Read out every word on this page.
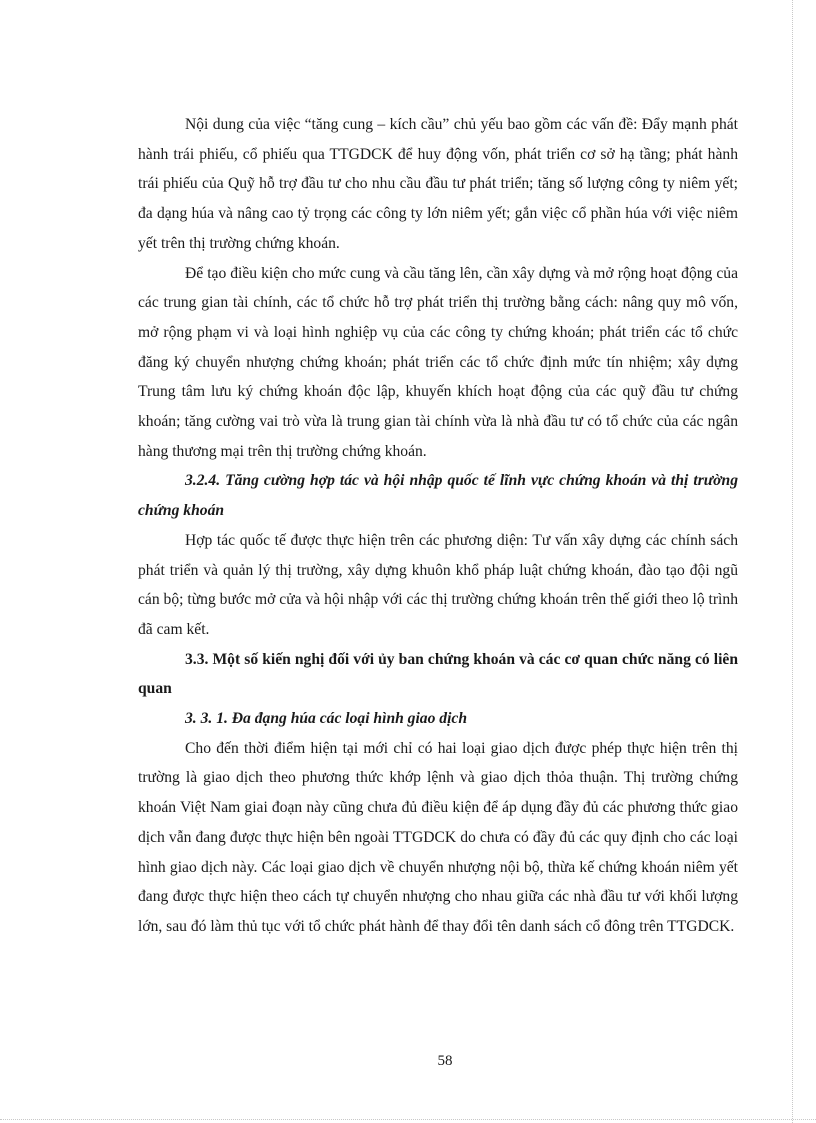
Nội dung của việc “tăng cung – kích cầu” chủ yếu bao gồm các vấn đề: Đẩy mạnh phát hành trái phiếu, cổ phiếu qua TTGDCK để huy động vốn, phát triển cơ sở hạ tầng; phát hành trái phiếu của Quỹ hỗ trợ đầu tư cho nhu cầu đầu tư phát triển; tăng số lượng công ty niêm yết; đa dạng húa và nâng cao tỷ trọng các công ty lớn niêm yết; gắn việc cổ phần húa với việc niêm yết trên thị trường chứng khoán.

Để tạo điều kiện cho mức cung và cầu tăng lên, cần xây dựng và mở rộng hoạt động của các trung gian tài chính, các tổ chức hỗ trợ phát triển thị trường bằng cách: nâng quy mô vốn, mở rộng phạm vi và loại hình nghiệp vụ của các công ty chứng khoán; phát triển các tổ chức đăng ký chuyển nhượng chứng khoán; phát triển các tổ chức định mức tín nhiệm; xây dựng Trung tâm lưu ký chứng khoán độc lập, khuyến khích hoạt động của các quỹ đầu tư chứng khoán; tăng cường vai trò vừa là trung gian tài chính vừa là nhà đầu tư có tổ chức của các ngân hàng thương mại trên thị trường chứng khoán.

3.2.4. Tăng cường hợp tác và hội nhập quốc tế lĩnh vực chứng khoán và thị trường chứng khoán

Hợp tác quốc tế được thực hiện trên các phương diện: Tư vấn xây dựng các chính sách phát triển và quản lý thị trường, xây dựng khuôn khổ pháp luật chứng khoán, đào tạo đội ngũ cán bộ; từng bước mở cửa và hội nhập với các thị trường chứng khoán trên thế giới theo lộ trình đã cam kết.

3.3. Một số kiến nghị đối với ủy ban chứng khoán và các cơ quan chức năng có liên quan

3. 3. 1. Đa đạng húa các loại hình giao dịch

Cho đến thời điểm hiện tại mới chỉ có hai loại giao dịch được phép thực hiện trên thị trường là giao dịch theo phương thức khớp lệnh và giao dịch thỏa thuận. Thị trường chứng khoán Việt Nam giai đoạn này cũng chưa đủ điều kiện để áp dụng đầy đủ các phương thức giao dịch vẫn đang được thực hiện bên ngoài TTGDCK do chưa có đầy đủ các quy định cho các loại hình giao dịch này. Các loại giao dịch về chuyển nhượng nội bộ, thừa kế chứng khoán niêm yết đang được thực hiện theo cách tự chuyển nhượng cho nhau giữa các nhà đầu tư với khối lượng lớn, sau đó làm thủ tục với tổ chức phát hành để thay đổi tên danh sách cổ đông trên TTGDCK.

58
